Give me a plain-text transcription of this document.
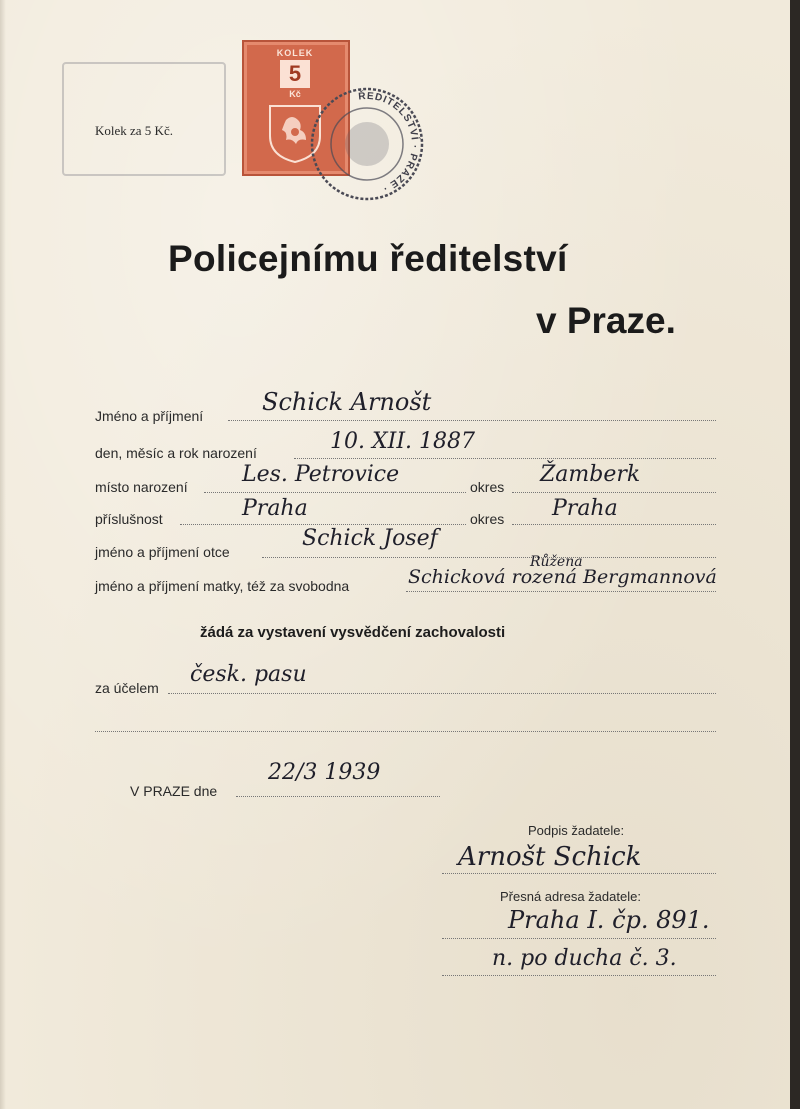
Kolek za 5 Kč.
KOLEK
5
Kč	ŘEDITELSTVÍ · PRAZE ·
Policejnímu ředitelství
v Praze.
Jméno a příjmení Schick Arnošt
den, měsíc a rok narození	10. XII. 1887
místo narození Les. Petrovice	okres Žamberk
příslušnost	Praha	okres Praha
jméno a příjmení otce
Schick Josef
jméno a příjmení matky, též za svobodna
Růžena
Schicková rozená Bergmannová
žádá za vystavení vysvědčení zachovalosti
za účelem
česk. pasu
V PRAZE dne
22/3 1939
Podpis žadatele:
Arnošt Schick
Přesná adresa žadatele:
Praha I. čp. 891.
n. po ducha č. 3.
